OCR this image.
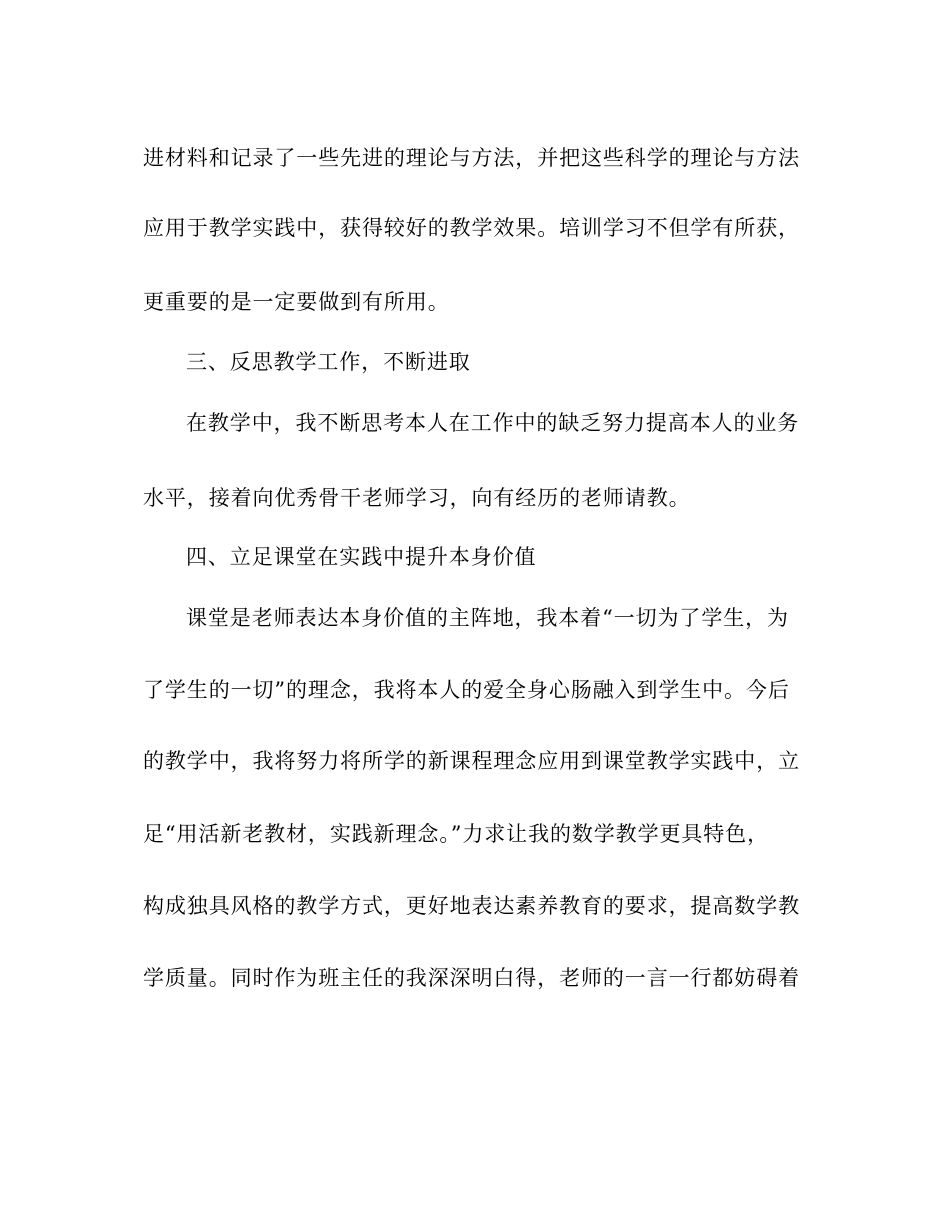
进材料和记录了一些先进的理论与方法，并把这些科学的理论与方法
应用于教学实践中，获得较好的教学效果。培训学习不但学有所获，
更重要的是一定要做到有所用。
三、反思教学工作，不断进取
在教学中，我不断思考本人在工作中的缺乏努力提高本人的业务
水平，接着向优秀骨干老师学习，向有经历的老师请教。
四、立足课堂在实践中提升本身价值
课堂是老师表达本身价值的主阵地，我本着“一切为了学生，为
了学生的一切”的理念，我将本人的爱全身心肠融入到学生中。今后
的教学中，我将努力将所学的新课程理念应用到课堂教学实践中，立
足“用活新老教材，实践新理念。”力求让我的数学教学更具特色，
构成独具风格的教学方式，更好地表达素养教育的要求，提高数学教
学质量。同时作为班主任的我深深明白得，老师的一言一行都妨碍着
